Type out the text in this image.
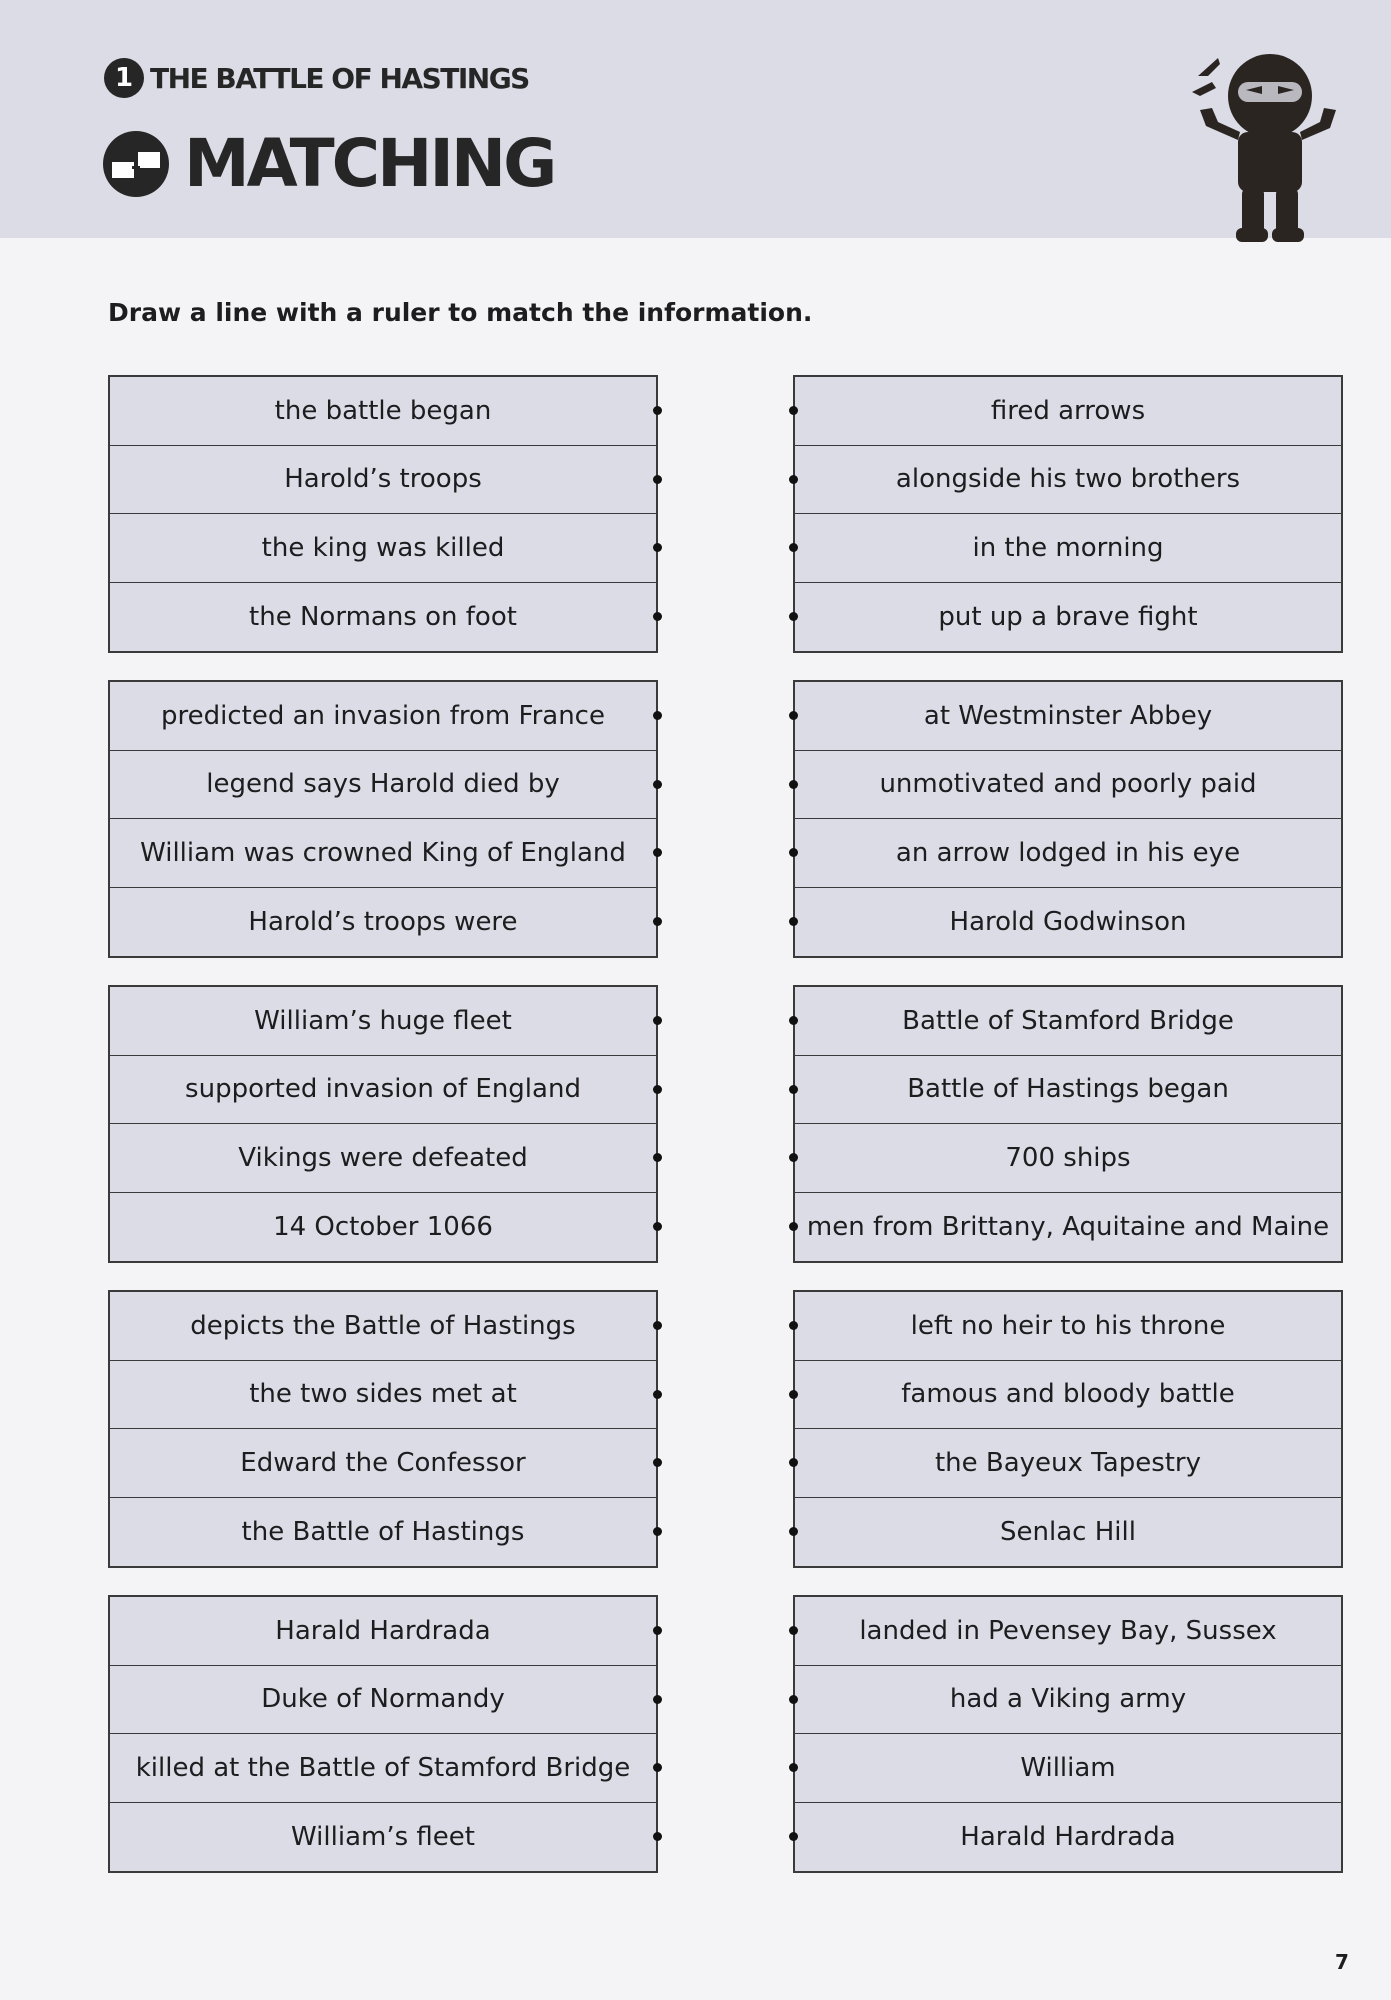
1 THE BATTLE OF HASTINGS
MATCHING
Draw a line with a ruler to match the information.
the battle began
Harold’s troops
the king was killed
the Normans on foot
fired arrows
alongside his two brothers
in the morning
put up a brave fight
predicted an invasion from France
legend says Harold died by
William was crowned King of England
Harold’s troops were
at Westminster Abbey
unmotivated and poorly paid
an arrow lodged in his eye
Harold Godwinson
William’s huge fleet
supported invasion of England
Vikings were defeated
14 October 1066
Battle of Stamford Bridge
Battle of Hastings began
700 ships
men from Brittany, Aquitaine and Maine
depicts the Battle of Hastings
the two sides met at
Edward the Confessor
the Battle of Hastings
left no heir to his throne
famous and bloody battle
the Bayeux Tapestry
Senlac Hill
Harald Hardrada
Duke of Normandy
killed at the Battle of Stamford Bridge
William’s fleet
landed in Pevensey Bay, Sussex
had a Viking army
William
Harald Hardrada
7
